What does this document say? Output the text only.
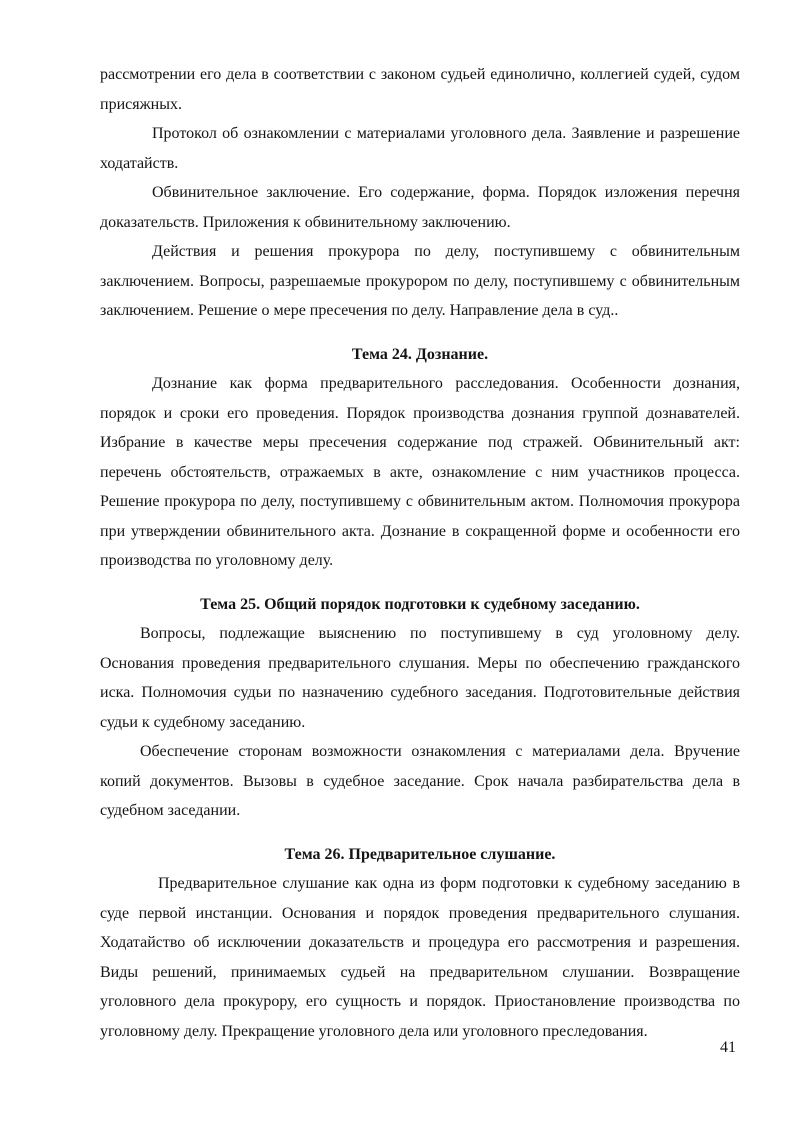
рассмотрении его дела в соответствии с законом судьей единолично, коллегией судей, судом
присяжных.
Протокол об ознакомлении с материалами уголовного дела. Заявление и разрешение
ходатайств.
Обвинительное заключение. Его содержание, форма. Порядок изложения перечня
доказательств. Приложения к обвинительному заключению.
Действия и решения прокурора по делу, поступившему с обвинительным
заключением. Вопросы, разрешаемые прокурором по делу, поступившему с обвинительным
заключением. Решение о мере пресечения по делу. Направление дела в суд..
Тема 24. Дознание.
Дознание как форма предварительного расследования. Особенности дознания,
порядок и сроки его проведения. Порядок производства дознания группой дознавателей.
Избрание в качестве меры пресечения содержание под стражей. Обвинительный акт:
перечень обстоятельств, отражаемых в акте, ознакомление с ним участников процесса.
Решение прокурора по делу, поступившему с обвинительным актом. Полномочия прокурора
при утверждении обвинительного акта. Дознание в сокращенной форме и особенности его
производства по уголовному делу.
Тема 25. Общий порядок подготовки к судебному заседанию.
Вопросы, подлежащие выяснению по поступившему в суд уголовному делу.
Основания проведения предварительного слушания. Меры по обеспечению гражданского
иска. Полномочия судьи по назначению судебного заседания. Подготовительные действия
судьи к судебному заседанию.
Обеспечение сторонам возможности ознакомления с материалами дела. Вручение
копий документов. Вызовы в судебное заседание. Срок начала разбирательства дела в
судебном заседании.
Тема 26. Предварительное слушание.
Предварительное слушание как одна из форм подготовки к судебному заседанию в
суде первой инстанции. Основания и порядок проведения предварительного слушания.
Ходатайство об исключении доказательств и процедура его рассмотрения и разрешения.
Виды решений, принимаемых судьей на предварительном слушании. Возвращение
уголовного дела прокурору, его сущность и порядок. Приостановление производства по
уголовному делу. Прекращение уголовного дела или уголовного преследования.
41
